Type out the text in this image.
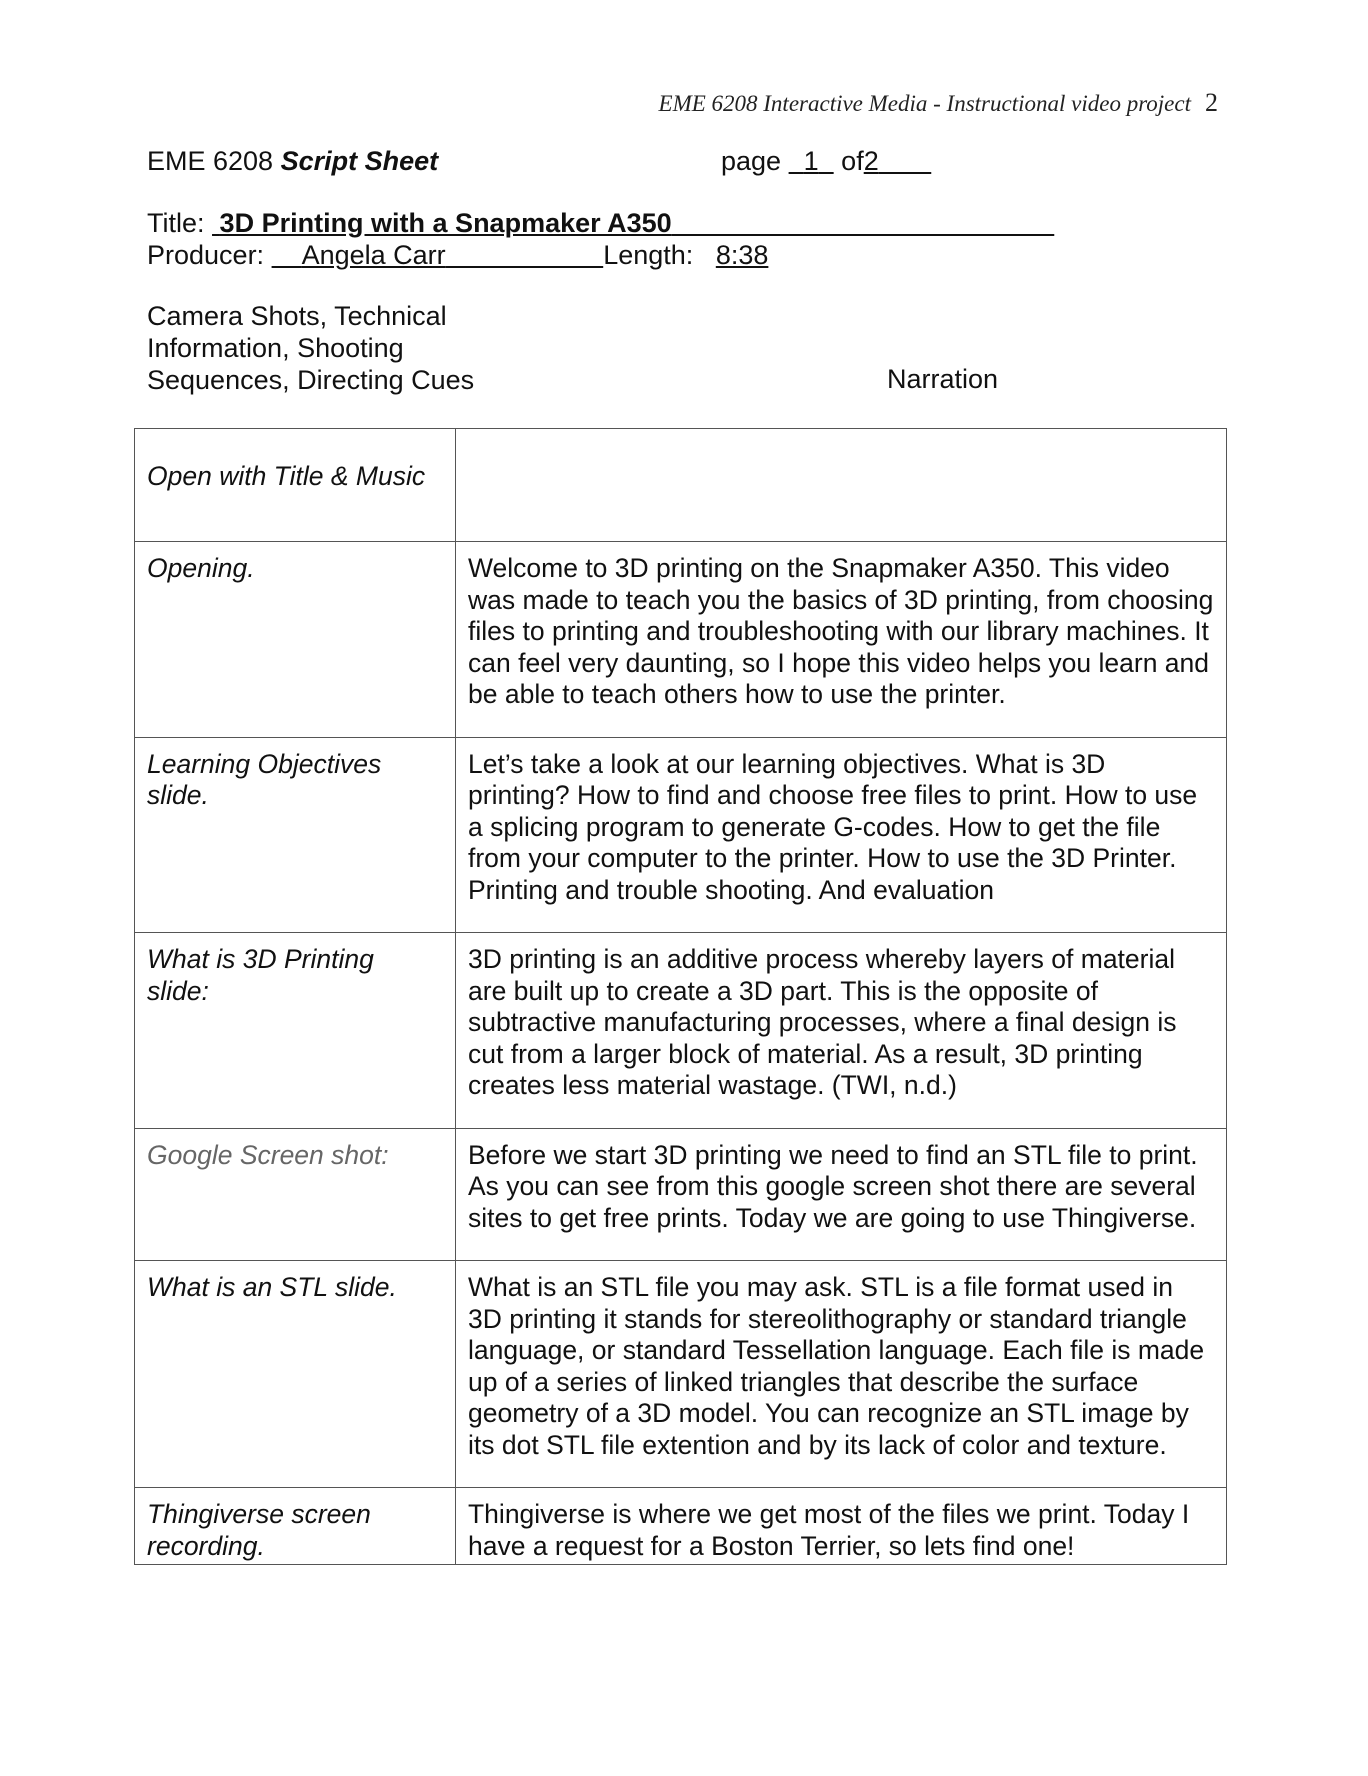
EME 6208 Interactive Media - Instructional video project 2
EME 6208 Script Sheet	page 1 of2
Title: 3D Printing with a Snapmaker A350
Producer: Angela Carr	Length: 8:38
Camera Shots, Technical
Information, Shooting
Sequences, Directing Cues	Narration
Open with Title & Music	
Opening.	Welcome to 3D printing on the Snapmaker A350. This video was made to teach you the basics of 3D printing, from choosing files to printing and troubleshooting with our library machines. It can feel very daunting, so I hope this video helps you learn and be able to teach others how to use the printer.
Learning Objectives slide.	Let’s take a look at our learning objectives. What is 3D printing? How to find and choose free files to print. How to use a splicing program to generate G-codes. How to get the file from your computer to the printer. How to use the 3D Printer. Printing and trouble shooting. And evaluation
What is 3D Printing slide:	3D printing is an additive process whereby layers of material are built up to create a 3D part. This is the opposite of subtractive manufacturing processes, where a final design is cut from a larger block of material. As a result, 3D printing creates less material wastage. (TWI, n.d.)
Google Screen shot:	Before we start 3D printing we need to find an STL file to print. As you can see from this google screen shot there are several sites to get free prints. Today we are going to use Thingiverse.
What is an STL slide.	What is an STL file you may ask. STL is a file format used in 3D printing it stands for stereolithography or standard triangle language, or standard Tessellation language. Each file is made up of a series of linked triangles that describe the surface geometry of a 3D model. You can recognize an STL image by its dot STL file extention and by its lack of color and texture.
Thingiverse screen recording.	Thingiverse is where we get most of the files we print. Today I have a request for a Boston Terrier, so lets find one!
